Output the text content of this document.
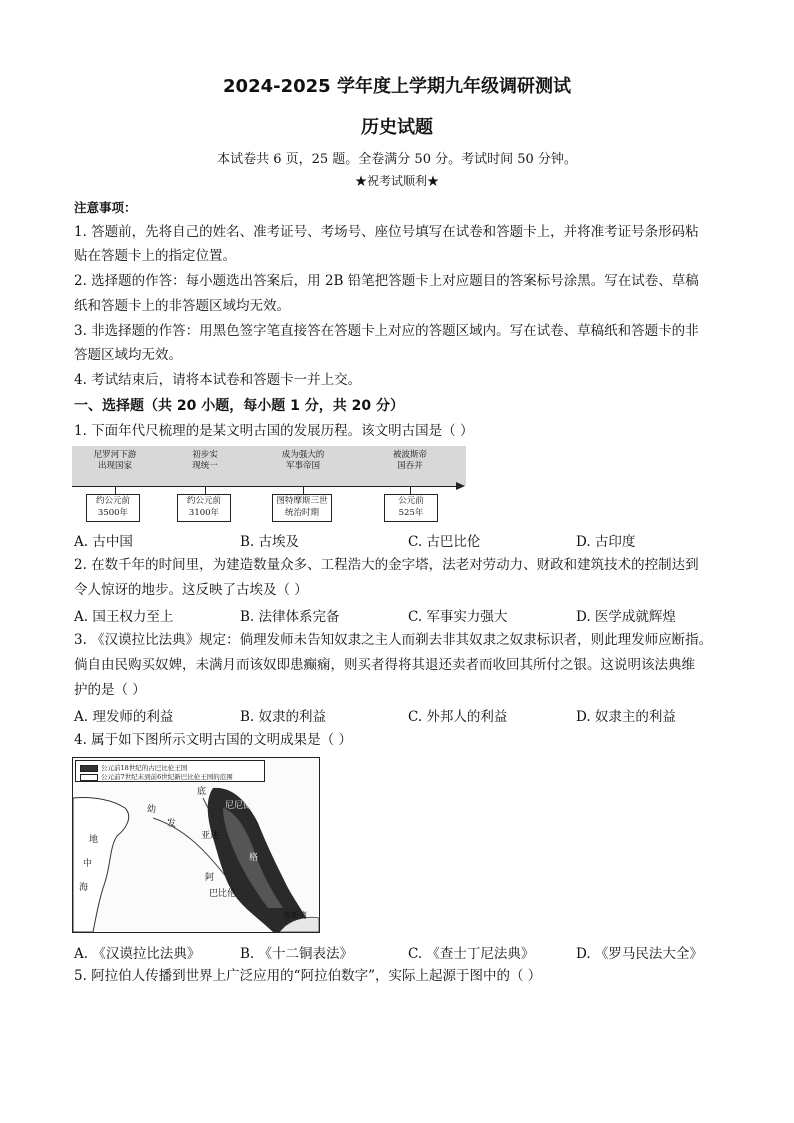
2024-2025 学年度上学期九年级调研测试
历史试题
本试卷共 6 页，25 题。全卷满分 50 分。考试时间 50 分钟。
★祝考试顺利★
注意事项：
1. 答题前，先将自己的姓名、准考证号、考场号、座位号填写在试卷和答题卡上，并将准考证号条形码粘
贴在答题卡上的指定位置。
2. 选择题的作答：每小题选出答案后，用 2B 铅笔把答题卡上对应题目的答案标号涂黑。写在试卷、草稿
纸和答题卡上的非答题区域均无效。
3. 非选择题的作答：用黑色签字笔直接答在答题卡上对应的答题区域内。写在试卷、草稿纸和答题卡的非
答题区域均无效。
4. 考试结束后，请将本试卷和答题卡一并上交。
一、选择题（共 20 小题，每小题 1 分，共 20 分）
1. 下面年代尺梳理的是某文明古国的发展历程。该文明古国是（ ）
尼罗河下游
出现国家
初步实
现统一
成为强大的
军事帝国
被波斯帝
国吞并
约公元前
3500年
约公元前
3100年
图特摩斯三世
统治时期
公元前
525年
A. 古中国	B. 古埃及	C. 古巴比伦	D. 古印度
2. 在数千年的时间里，为建造数量众多、工程浩大的金字塔，法老对劳动力、财政和建筑技术的控制达到
令人惊讶的地步。这反映了古埃及（ ）
A. 国王权力至上	B. 法律体系完备	C. 军事实力强大	D. 医学成就辉煌
3. 《汉谟拉比法典》规定：倘理发师未告知奴隶之主人而剃去非其奴隶之奴隶标识者，则此理发师应断指。
倘自由民购买奴婢，未满月而该奴即患癫痫，则买者得将其退还卖者而收回其所付之银。这说明该法典维
护的是（ ）
A. 理发师的利益	B. 奴隶的利益	C. 外邦人的利益	D. 奴隶主的利益
4. 属于如下图所示文明古国的文明成果是（ ）
公元前18世纪的古巴比伦王国
公元前7世纪末到前6世纪新巴比伦王国的范围
幼
发
底
尼尼微
亚述
阿
巴比伦
地
中
海
格
波斯湾
A. 《汉谟拉比法典》	B. 《十二铜表法》	C. 《查士丁尼法典》	D. 《罗马民法大全》
5. 阿拉伯人传播到世界上广泛应用的“阿拉伯数字”，实际上起源于图中的（ ）
